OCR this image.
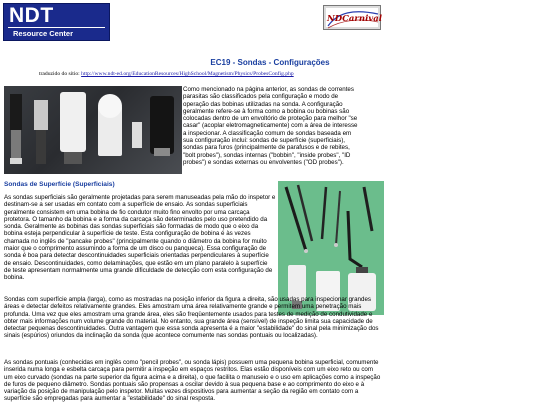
NDT
Resource Center
NDCarnival
EC19 - Sondas - Configurações
traduzido do sítio: http://www.ndt-ed.org/EducationResources/HighSchool/Magnetism/Physics/ProbesConfig.php
Como mencionado na página anterior, as sondas de correntes parasitas são classificados pela configuração e modo de operação das bobinas utilizadas na sonda. A configuração geralmente refere-se à forma como a bobina ou bobinas são colocadas dentro de um envoltório de proteção para melhor "se casar" (acoplar eletromagneticamente) com a área de interesse a inspecionar. A classificação comum de sondas baseada em sua configuração inclui: sondas de superfície (superficiais), sondas para furos (principalmente de parafusos e de rebites, "bolt probes"), sondas internas ("bobbin", "inside probes", "ID probes") e sondas externas ou envolventes ("OD probes").
Sondas de Superfície (Superficiais)
As sondas superficiais são geralmente projetadas para serem manuseadas pela mão do inspetor e destinam-se a ser usadas em contato com a superfície de ensaio. As sondas superficiais geralmente consistem em uma bobina de fio condutor muito fino envolto por uma carcaça protetora. O tamanho da bobina e a forma da carcaça são determinados pelo uso pretendido da sonda. Geralmente as bobinas das sondas superficiais são formadas de modo que o eixo da bobina esteja perpendicular à superfície de teste. Esta configuração de bobina é às vezes chamada no inglês de "pancake probes" (principalmente quando o diâmetro da bobina for muito maior que o comprimento assumindo a forma de um disco ou panqueca). Essa configuração de sonda é boa para detectar descontinuidades superficiais orientadas perpendiculares à superfície de ensaio. Descontinuidades, como delaminações, que estão em um plano paralelo à superfície de teste apresentam normalmente uma grande dificuldade de detecção com esta configuração de bobina.
Sondas com superfície ampla (larga), como as mostradas na posição inferior da figura a direita, são usadas para inspecionar grandes áreas e detectar defeitos relativamente grandes. Eles amostram uma área relativamente grande e permitem uma penetração mais profunda. Uma vez que eles amostram uma grande área, eles são freqüentemente usados para testes de medição de condutividade e obter mais informações num volume grande do material. No entanto, sua grande área (sensível) de inspeção limita sua capacidade de detectar pequenas descontinuidades. Outra vantagem que essa sonda apresenta é a maior "estabilidade" do sinal pela minimização dos sinais (espúrios) oriundos da inclinação da sonda (que acontece comumente nas sondas pontuais ou localizadas).
As sondas pontuais (conhecidas em inglês como "pencil probes", ou sonda lápis) possuem uma pequena bobina superficial, comumente inserida numa longa e esbelta carcaça para permitir a inspeção em espaços restritos. Elas estão disponíveis com um eixo reto ou com um eixo curvado (sondas na parte superior da figura acima e a direita), o que facilita o manuseio e o uso em aplicações como a inspeção de furos de pequeno diâmetro. Sondas pontuais são propensas a oscilar devido à sua pequena base e ao comprimento do eixo e à variação da posição de manipulação pelo inspetor. Muitas vezes dispositivos para aumentar a seção da região em contato com a superfície são empregadas para aumentar a "estabilidade" do sinal resposta.
